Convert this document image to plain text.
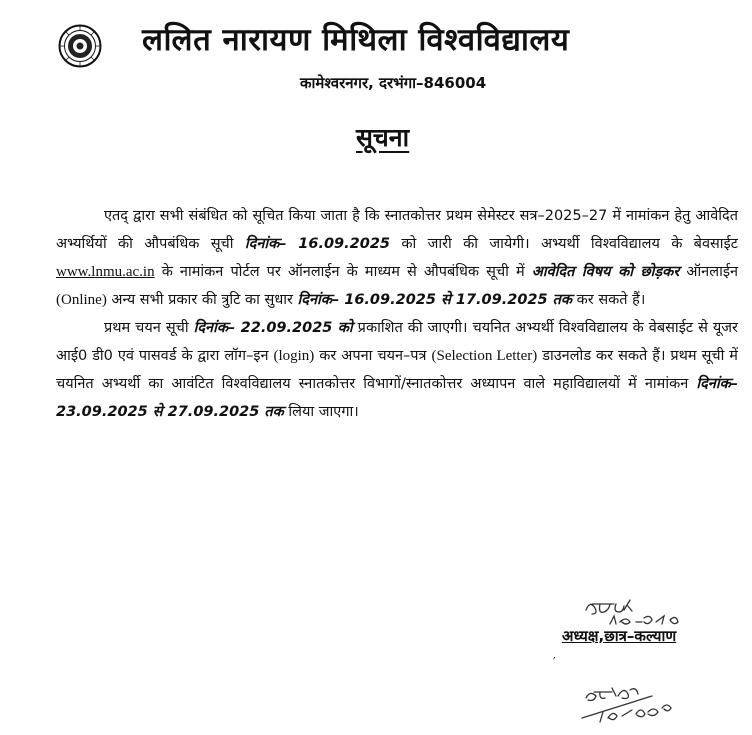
ललित नारायण मिथिला विश्वविद्यालय
कामेश्वरनगर, दरभंगा–846004
सूचना

एतद् द्वारा सभी संबंधित को सूचित किया जाता है कि स्नातकोत्तर प्रथम सेमेस्टर सत्र–2025–27 में नामांकन हेतु आवेदित अभ्यर्थियों की औपबंधिक सूची दिनांक– 16.09.2025 को जारी की जायेगी। अभ्यर्थी विश्वविद्यालय के बेवसाईट www.lnmu.ac.in के नामांकन पोर्टल पर ऑनलाईन के माध्यम से औपबंधिक सूची में आवेदित विषय को छोड़कर ऑनलाईन (Online) अन्य सभी प्रकार की त्रुटि का सुधार दिनांक– 16.09.2025 से 17.09.2025 तक कर सकते हैं।

प्रथम चयन सूची दिनांक– 22.09.2025 को प्रकाशित की जाएगी। चयनित अभ्यर्थी विश्वविद्यालय के वेबसाईट से यूजर आई0 डी0 एवं पासवर्ड के द्वारा लॉग–इन (login) कर अपना चयन–पत्र (Selection Letter) डाउनलोड कर सकते हैं। प्रथम सूची में चयनित अभ्यर्थी का आवंटित विश्वविद्यालय स्नातकोत्तर विभागों/स्नातकोत्तर अध्यापन वाले महाविद्यालयों में नामांकन दिनांक– 23.09.2025 से 27.09.2025 तक लिया जाएगा।

अध्यक्ष,छात्र–कल्याण
′
